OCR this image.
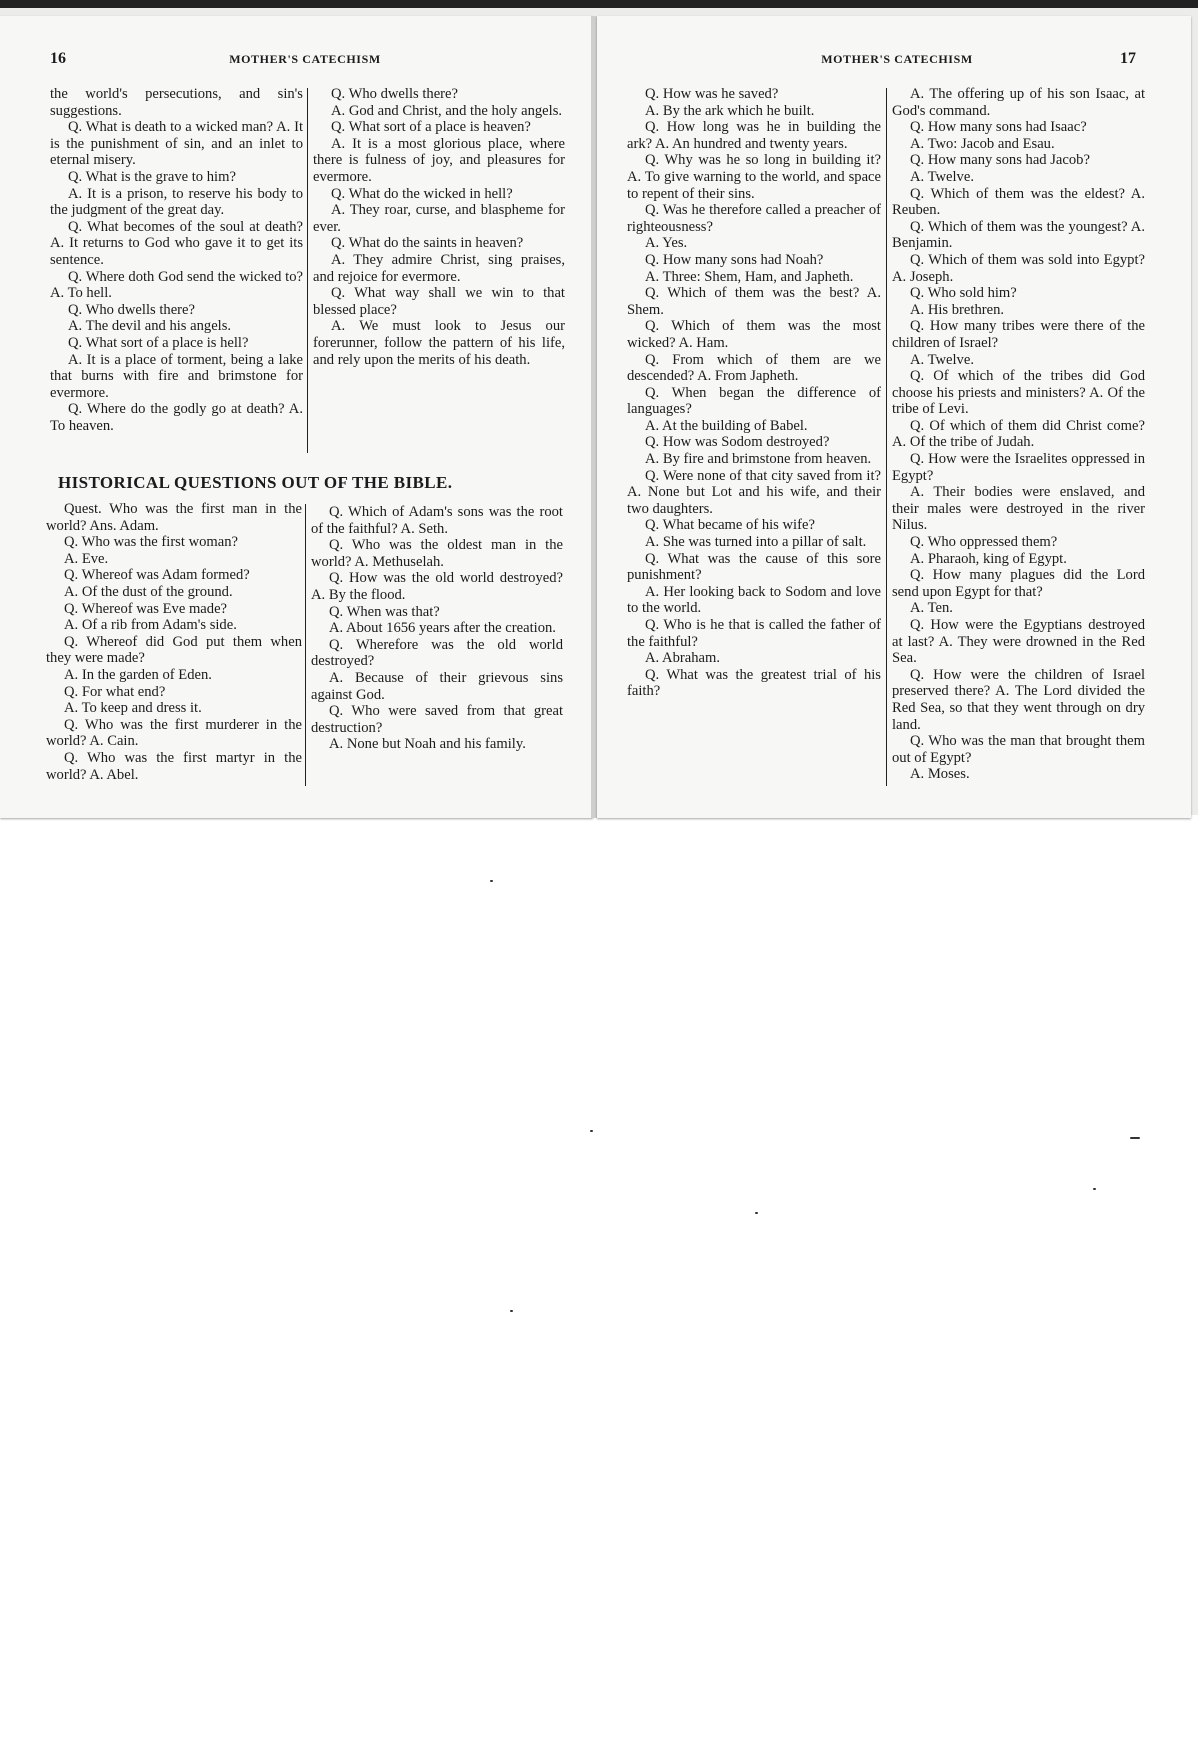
16	MOTHER'S CATECHISM

the world's persecutions, and sin's suggestions.

Q. What is death to a wicked man? A. It is the punishment of sin, and an inlet to eternal misery.

Q. What is the grave to him?

A. It is a prison, to reserve his body to the judgment of the great day.

Q. What becomes of the soul at death? A. It returns to God who gave it to get its sentence.

Q. Where doth God send the wicked to? A. To hell.

Q. Who dwells there?

A. The devil and his angels.

Q. What sort of a place is hell?

A. It is a place of torment, being a lake that burns with fire and brimstone for evermore.

Q. Where do the godly go at death? A. To heaven.

Q. Who dwells there?

A. God and Christ, and the holy angels.

Q. What sort of a place is heaven?

A. It is a most glorious place, where there is fulness of joy, and pleasures for evermore.

Q. What do the wicked in hell?

A. They roar, curse, and blaspheme for ever.

Q. What do the saints in heaven?

A. They admire Christ, sing praises, and rejoice for evermore.

Q. What way shall we win to that blessed place?

A. We must look to Jesus our forerunner, follow the pattern of his life, and rely upon the merits of his death.

HISTORICAL QUESTIONS OUT OF THE BIBLE.

Quest. Who was the first man in the world? Ans. Adam.

Q. Who was the first woman?

A. Eve.

Q. Whereof was Adam formed?

A. Of the dust of the ground.

Q. Whereof was Eve made?

A. Of a rib from Adam's side.

Q. Whereof did God put them when they were made?

A. In the garden of Eden.

Q. For what end?

A. To keep and dress it.

Q. Who was the first murderer in the world? A. Cain.

Q. Who was the first martyr in the world? A. Abel.

Q. Which of Adam's sons was the root of the faithful? A. Seth.

Q. Who was the oldest man in the world? A. Methuselah.

Q. How was the old world destroyed? A. By the flood.

Q. When was that?

A. About 1656 years after the creation.

Q. Wherefore was the old world destroyed?

A. Because of their grievous sins against God.

Q. Who were saved from that great destruction?

A. None but Noah and his family.

MOTHER'S CATECHISM	17

Q. How was he saved?

A. By the ark which he built.

Q. How long was he in building the ark? A. An hundred and twenty years.

Q. Why was he so long in building it? A. To give warning to the world, and space to repent of their sins.

Q. Was he therefore called a preacher of righteousness?

A. Yes.

Q. How many sons had Noah?

A. Three: Shem, Ham, and Japheth.

Q. Which of them was the best? A. Shem.

Q. Which of them was the most wicked? A. Ham.

Q. From which of them are we descended? A. From Japheth.

Q. When began the difference of languages?

A. At the building of Babel.

Q. How was Sodom destroyed?

A. By fire and brimstone from heaven.

Q. Were none of that city saved from it? A. None but Lot and his wife, and their two daughters.

Q. What became of his wife?

A. She was turned into a pillar of salt.

Q. What was the cause of this sore punishment?

A. Her looking back to Sodom and love to the world.

Q. Who is he that is called the father of the faithful?

A. Abraham.

Q. What was the greatest trial of his faith?

A. The offering up of his son Isaac, at God's command.

Q. How many sons had Isaac?

A. Two: Jacob and Esau.

Q. How many sons had Jacob?

A. Twelve.

Q. Which of them was the eldest? A. Reuben.

Q. Which of them was the youngest? A. Benjamin.

Q. Which of them was sold into Egypt? A. Joseph.

Q. Who sold him?

A. His brethren.

Q. How many tribes were there of the children of Israel?

A. Twelve.

Q. Of which of the tribes did God choose his priests and ministers? A. Of the tribe of Levi.

Q. Of which of them did Christ come? A. Of the tribe of Judah.

Q. How were the Israelites oppressed in Egypt?

A. Their bodies were enslaved, and their males were destroyed in the river Nilus.

Q. Who oppressed them?

A. Pharaoh, king of Egypt.

Q. How many plagues did the Lord send upon Egypt for that?

A. Ten.

Q. How were the Egyptians destroyed at last? A. They were drowned in the Red Sea.

Q. How were the children of Israel preserved there? A. The Lord divided the Red Sea, so that they went through on dry land.

Q. Who was the man that brought them out of Egypt?

A. Moses.
